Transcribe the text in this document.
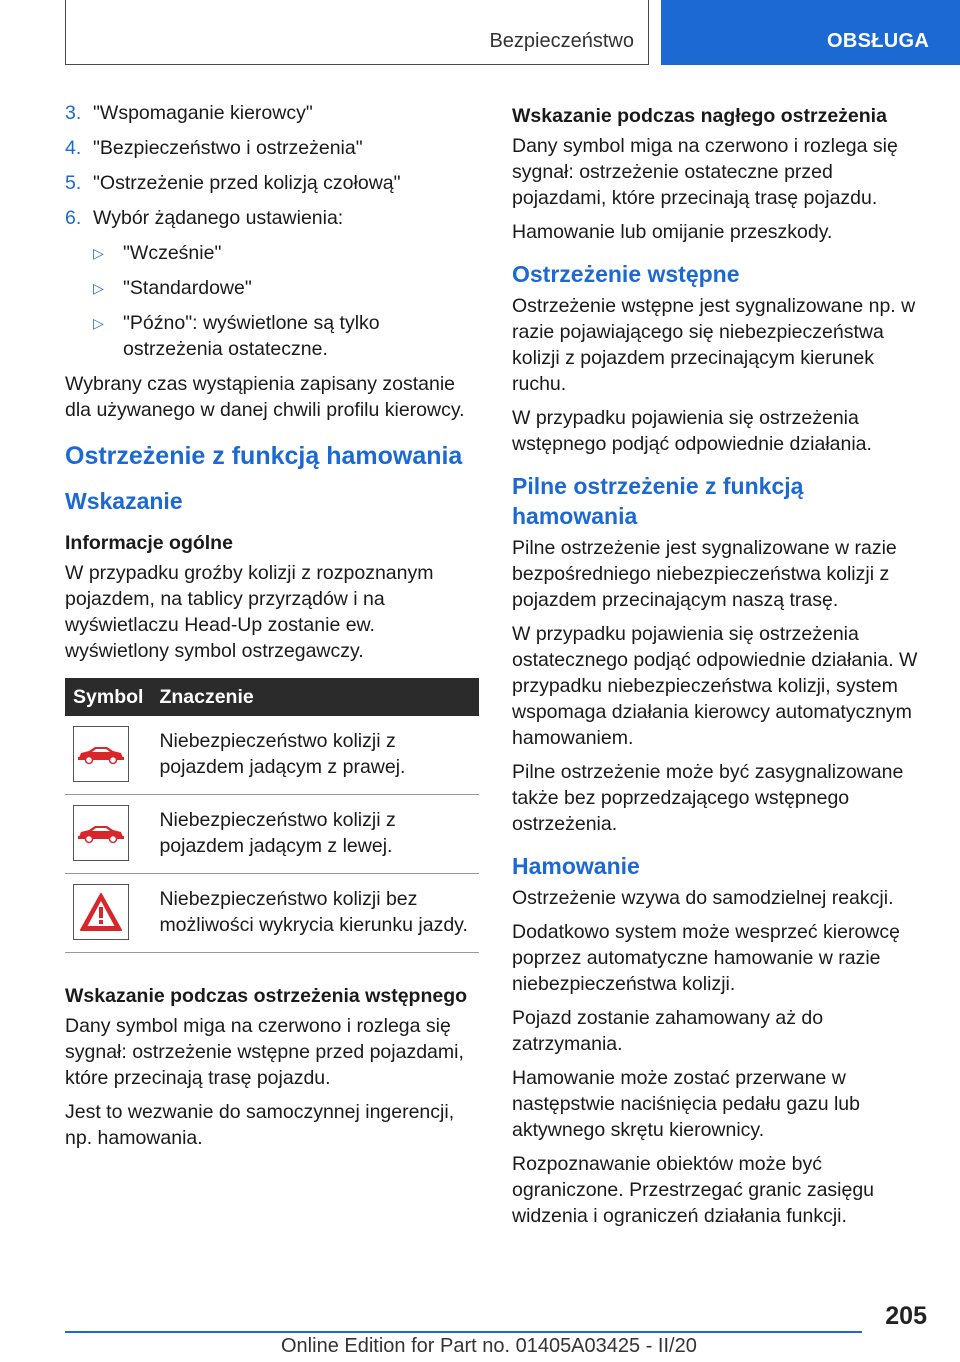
Bezpieczeństwo	OBSŁUGA
3. "Wspomaganie kierowcy"
4. "Bezpieczeństwo i ostrzeżenia"
5. "Ostrzeżenie przed kolizją czołową"
6. Wybór żądanego ustawienia:
▷ "Wcześnie"
▷ "Standardowe"
▷ "Późno": wyświetlone są tylko ostrzeżenia ostateczne.

Wybrany czas wystąpienia zapisany zostanie dla używanego w danej chwili profilu kierowcy.

Ostrzeżenie z funkcją hamowania
Wskazanie
Informacje ogólne

W przypadku groźby kolizji z rozpoznanym pojazdem, na tablicy przyrządów i na wyświetlaczu Head-Up zostanie ew. wyświetlony symbol ostrzegawczy.

Symbol	Znaczenie

	Niebezpieczeństwo kolizji z pojazdem jadącym z prawej.

	Niebezpieczeństwo kolizji z pojazdem jadącym z lewej.

	Niebezpieczeństwo kolizji bez możliwości wykrycia kierunku jazdy.
Wskazanie podczas ostrzeżenia wstępnego

Dany symbol miga na czerwono i rozlega się sygnał: ostrzeżenie wstępne przed pojazdami, które przecinają trasę pojazdu.

Jest to wezwanie do samoczynnej ingerencji, np. hamowania.

Wskazanie podczas nagłego ostrzeżenia

Dany symbol miga na czerwono i rozlega się sygnał: ostrzeżenie ostateczne przed pojazdami, które przecinają trasę pojazdu.

Hamowanie lub omijanie przeszkody.

Ostrzeżenie wstępne

Ostrzeżenie wstępne jest sygnalizowane np. w razie pojawiającego się niebezpieczeństwa kolizji z pojazdem przecinającym kierunek ruchu.

W przypadku pojawienia się ostrzeżenia wstępnego podjąć odpowiednie działania.

Pilne ostrzeżenie z funkcją hamowania

Pilne ostrzeżenie jest sygnalizowane w razie bezpośredniego niebezpieczeństwa kolizji z pojazdem przecinającym naszą trasę.

W przypadku pojawienia się ostrzeżenia ostatecznego podjąć odpowiednie działania. W przypadku niebezpieczeństwa kolizji, system wspomaga działania kierowcy automatycznym hamowaniem.

Pilne ostrzeżenie może być zasygnalizowane także bez poprzedzającego wstępnego ostrzeżenia.

Hamowanie

Ostrzeżenie wzywa do samodzielnej reakcji.

Dodatkowo system może wesprzeć kierowcę poprzez automatyczne hamowanie w razie niebezpieczeństwa kolizji.

Pojazd zostanie zahamowany aż do zatrzymania.

Hamowanie może zostać przerwane w następstwie naciśnięcia pedału gazu lub aktywnego skrętu kierownicy.

Rozpoznawanie obiektów może być ograniczone. Przestrzegać granic zasięgu widzenia i ograniczeń działania funkcji.

205
Online Edition for Part no. 01405A03425 - II/20
